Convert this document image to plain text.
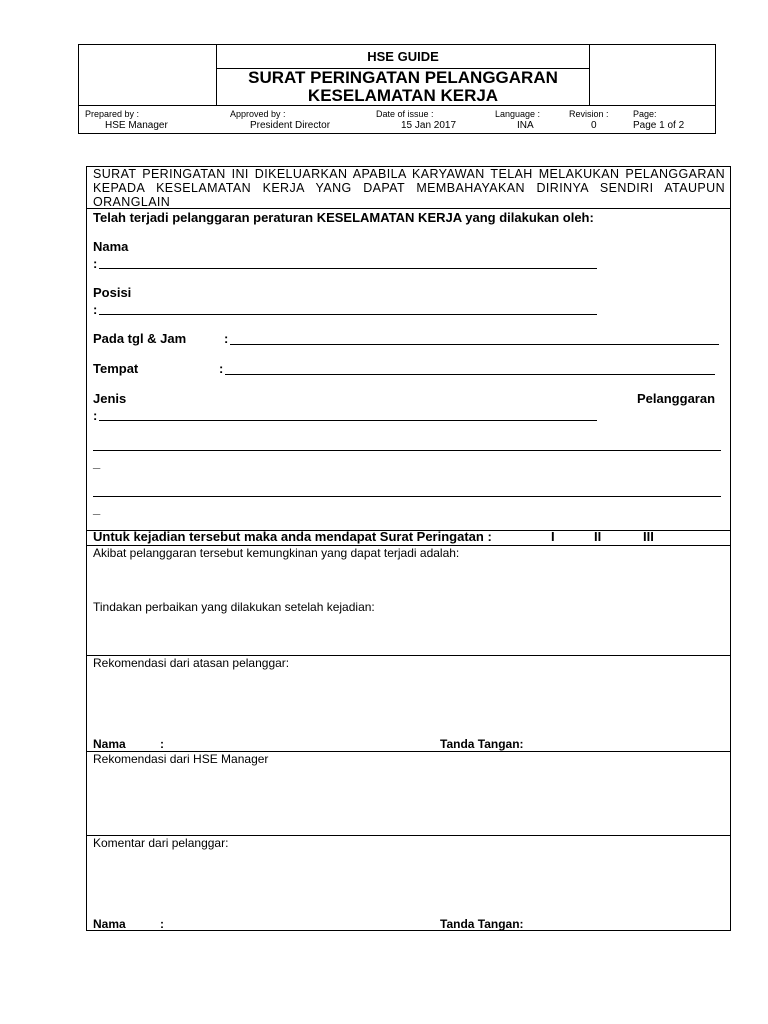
HSE GUIDE
SURAT PERINGATAN PELANGGARAN
KESELAMATAN KERJA
Prepared by :
HSE Manager
Approved by :
President Director
Date of issue :
15 Jan 2017
Language :
INA
Revision :
0
Page:
Page 1 of 2
SURAT PERINGATAN INI DIKELUARKAN APABILA KARYAWAN TELAH MELAKUKAN PELANGGARAN KEPADA KESELAMATAN KERJA YANG DAPAT MEMBAHAYAKAN DIRINYA SENDIRI ATAUPUN ORANGLAIN
Telah terjadi pelanggaran peraturan KESELAMATAN KERJA yang dilakukan oleh:
Nama
:
Posisi
:
Pada tgl & Jam	:
Tempat	:
Jenis	Pelanggaran
:
_
_
Untuk kejadian tersebut maka anda mendapat Surat Peringatan :	I	II	III
Akibat pelanggaran tersebut kemungkinan yang dapat terjadi adalah:
Tindakan perbaikan yang dilakukan setelah kejadian:
Rekomendasi dari atasan pelanggar:
Nama	:	Tanda Tangan:
Rekomendasi dari HSE Manager
Komentar dari pelanggar:
Nama	:	Tanda Tangan:
